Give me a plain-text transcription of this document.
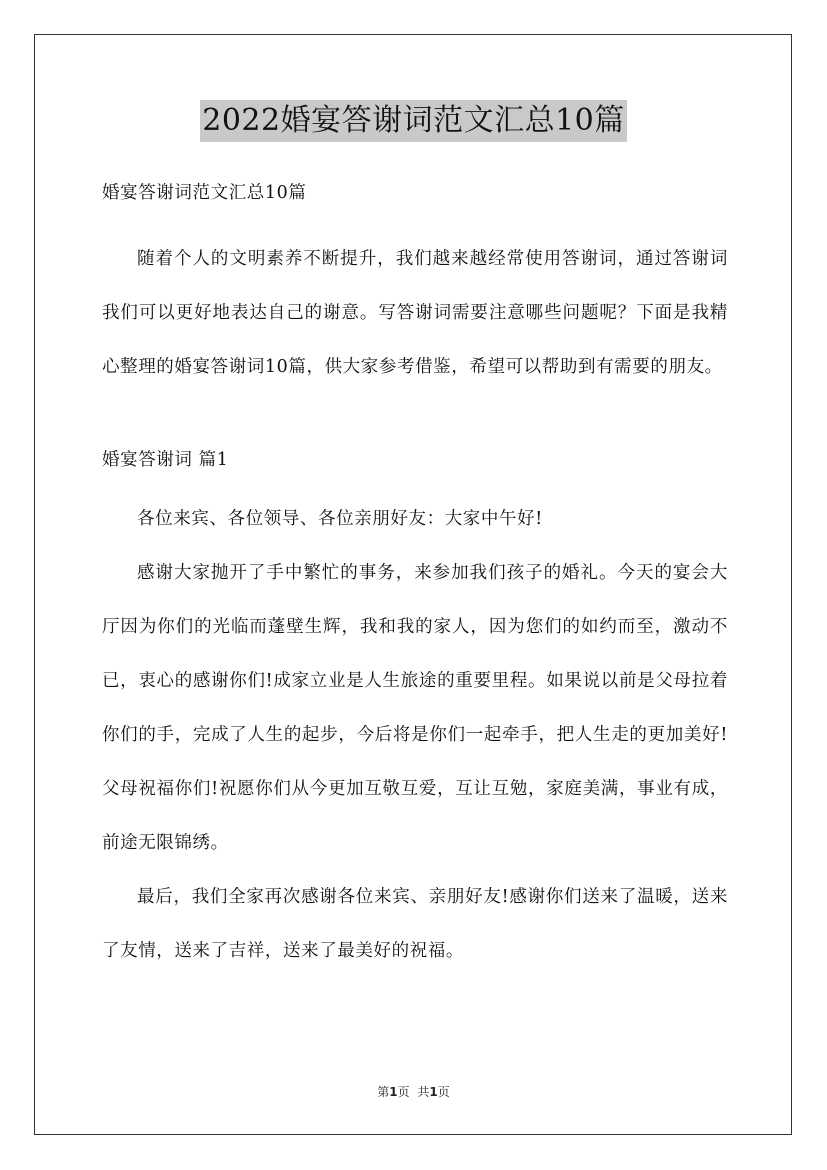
2022婚宴答谢词范文汇总10篇

婚宴答谢词范文汇总10篇

随着个人的文明素养不断提升，我们越来越经常使用答谢词，通过答谢词我们可以更好地表达自己的谢意。写答谢词需要注意哪些问题呢？下面是我精心整理的婚宴答谢词10篇，供大家参考借鉴，希望可以帮助到有需要的朋友。

婚宴答谢词 篇1

各位来宾、各位领导、各位亲朋好友：大家中午好!

感谢大家抛开了手中繁忙的事务，来参加我们孩子的婚礼。今天的宴会大厅因为你们的光临而蓬壁生辉，我和我的家人，因为您们的如约而至，激动不已，衷心的感谢你们!成家立业是人生旅途的重要里程。如果说以前是父母拉着你们的手，完成了人生的起步，今后将是你们一起牵手，把人生走的更加美好!父母祝福你们!祝愿你们从今更加互敬互爱，互让互勉，家庭美满，事业有成，前途无限锦绣。

最后，我们全家再次感谢各位来宾、亲朋好友!感谢你们送来了温暖，送来了友情，送来了吉祥，送来了最美好的祝福。

第1页 共1页
